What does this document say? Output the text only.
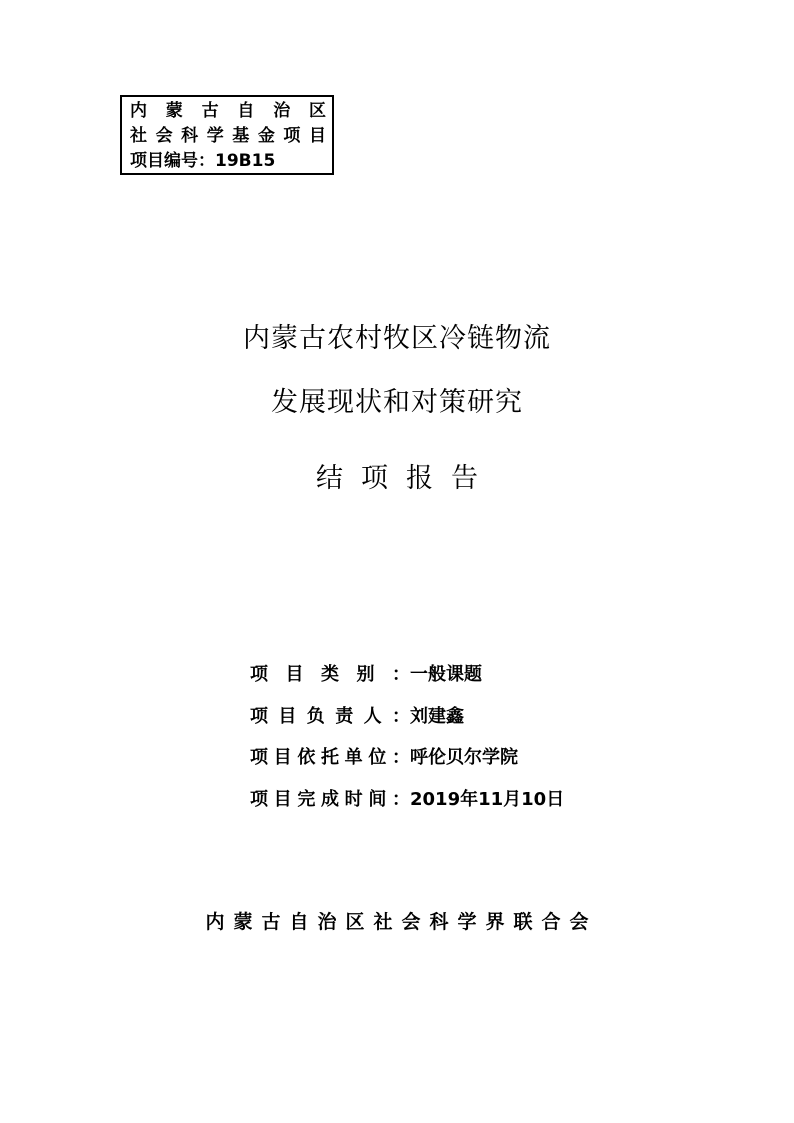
内 蒙 古 自 治 区
社 会 科 学 基 金 项 目
项目编号：19B15
内蒙古农村牧区冷链物流
发展现状和对策研究
结项报告
项目类别：一般课题
项目负责人：刘建鑫
项目依托单位：呼伦贝尔学院
项目完成时间：2019年11月10日
内蒙古自治区社会科学界联合会
